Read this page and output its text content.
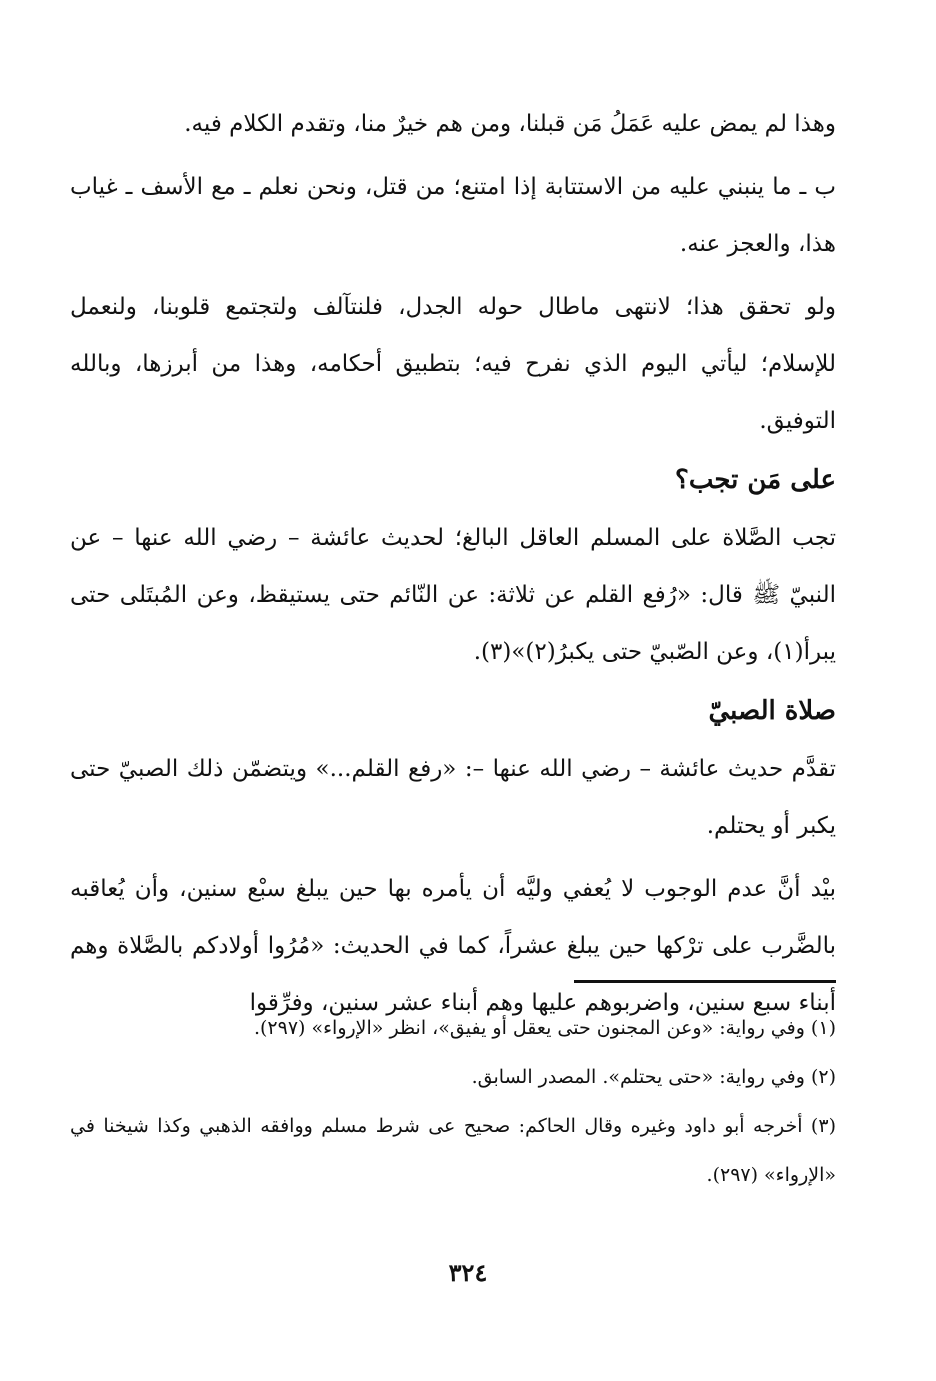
وهذا لم يمض عليه عَمَلُ مَن قبلنا، ومن هم خيرٌ منا، وتقدم الكلام فيه.

ب ـ ما ينبني عليه من الاستتابة إذا امتنع؛ من قتل، ونحن نعلم ـ مع الأسف ـ غياب هذا، والعجز عنه.

ولو تحقق هذا؛ لانتهى ماطال حوله الجدل، فلنتآلف ولتجتمع قلوبنا، ولنعمل للإسلام؛ ليأتي اليوم الذي نفرح فيه؛ بتطبيق أحكامه، وهذا من أبرزها، وبالله التوفيق.

على مَن تجب؟

تجب الصَّلاة على المسلم العاقل البالغ؛ لحديث عائشة – رضي الله عنها – عن النبيّ ﷺ قال: «رُفع القلم عن ثلاثة: عن النّائم حتى يستيقظ، وعن المُبتَلى حتى يبرأ(١)، وعن الصّبيّ حتى يكبرُ(٢)»(٣).

صلاة الصبيّ

تقدَّم حديث عائشة – رضي الله عنها –: «رفع القلم...» ويتضمّن ذلك الصبيّ حتى يكبر أو يحتلم.

بيْد أنَّ عدم الوجوب لا يُعفي وليَّه أن يأمره بها حين يبلغ سبْع سنين، وأن يُعاقبه بالضَّرب على ترْكها حين يبلغ عشراً، كما في الحديث: «مُرُوا أولادكم بالصَّلاة وهم أبناء سبع سنين، واضربوهم عليها وهم أبناء عشر سنين، وفرِّقوا

(١) وفي رواية: «وعن المجنون حتى يعقل أو يفيق»، انظر «الإرواء» (٢٩٧).

(٢) وفي رواية: «حتى يحتلم». المصدر السابق.

(٣) أخرجه أبو داود وغيره وقال الحاكم: صحيح عى شرط مسلم ووافقه الذهبي وكذا شيخنا في «الإرواء» (٢٩٧).

٣٢٤
